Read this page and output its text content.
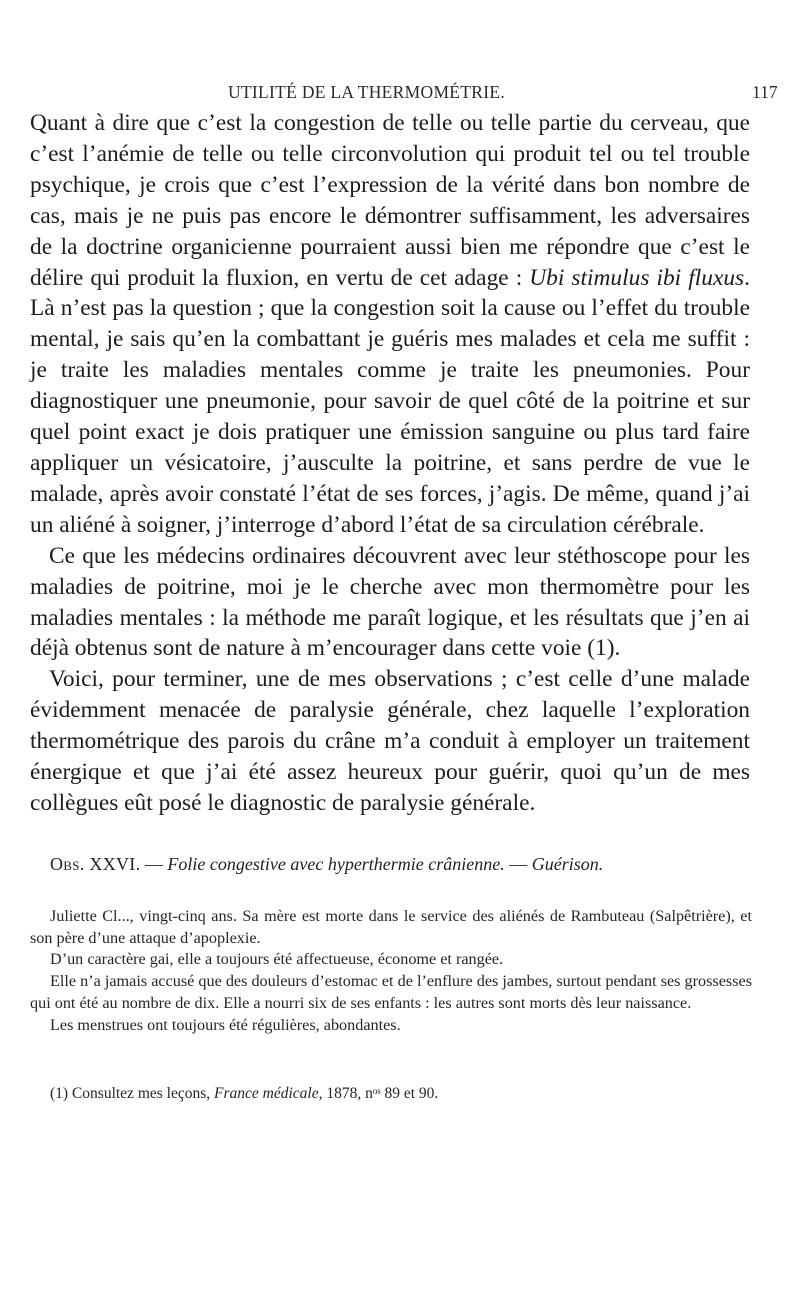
UTILITÉ DE LA THERMOMÉTRIE.	117

Quant à dire que c’est la congestion de telle ou telle partie du cerveau, que c’est l’anémie de telle ou telle circonvolution qui produit tel ou tel trouble psychique, je crois que c’est l’expression de la vérité dans bon nombre de cas, mais je ne puis pas encore le démontrer suffisamment, les adversaires de la doctrine organicienne pourraient aussi bien me répondre que c’est le délire qui produit la fluxion, en vertu de cet adage : Ubi stimulus ibi fluxus. Là n’est pas la question ; que la congestion soit la cause ou l’effet du trouble mental, je sais qu’en la combattant je guéris mes malades et cela me suffit : je traite les maladies mentales comme je traite les pneumonies. Pour diagnostiquer une pneumonie, pour savoir de quel côté de la poitrine et sur quel point exact je dois pratiquer une émission sanguine ou plus tard faire appliquer un vésicatoire, j’ausculte la poitrine, et sans perdre de vue le malade, après avoir constaté l’état de ses forces, j’agis. De même, quand j’ai un aliéné à soigner, j’interroge d’abord l’état de sa circulation cérébrale.

Ce que les médecins ordinaires découvrent avec leur stéthoscope pour les maladies de poitrine, moi je le cherche avec mon thermomètre pour les maladies mentales : la méthode me paraît logique, et les résultats que j’en ai déjà obtenus sont de nature à m’encourager dans cette voie (1).

Voici, pour terminer, une de mes observations ; c’est celle d’une malade évidemment menacée de paralysie générale, chez laquelle l’exploration thermométrique des parois du crâne m’a conduit à employer un traitement énergique et que j’ai été assez heureux pour guérir, quoi qu’un de mes collègues eût posé le diagnostic de paralysie générale.

Obs. XXVI. — Folie congestive avec hyperthermie crânienne. — Guérison.

Juliette Cl..., vingt-cinq ans. Sa mère est morte dans le service des aliénés de Rambuteau (Salpêtrière), et son père d’une attaque d’apoplexie.

D’un caractère gai, elle a toujours été affectueuse, économe et rangée.

Elle n’a jamais accusé que des douleurs d’estomac et de l’enflure des jambes, surtout pendant ses grossesses qui ont été au nombre de dix. Elle a nourri six de ses enfants : les autres sont morts dès leur naissance.

Les menstrues ont toujours été régulières, abondantes.

(1) Consultez mes leçons, France médicale, 1878, nᵒˢ 89 et 90.
